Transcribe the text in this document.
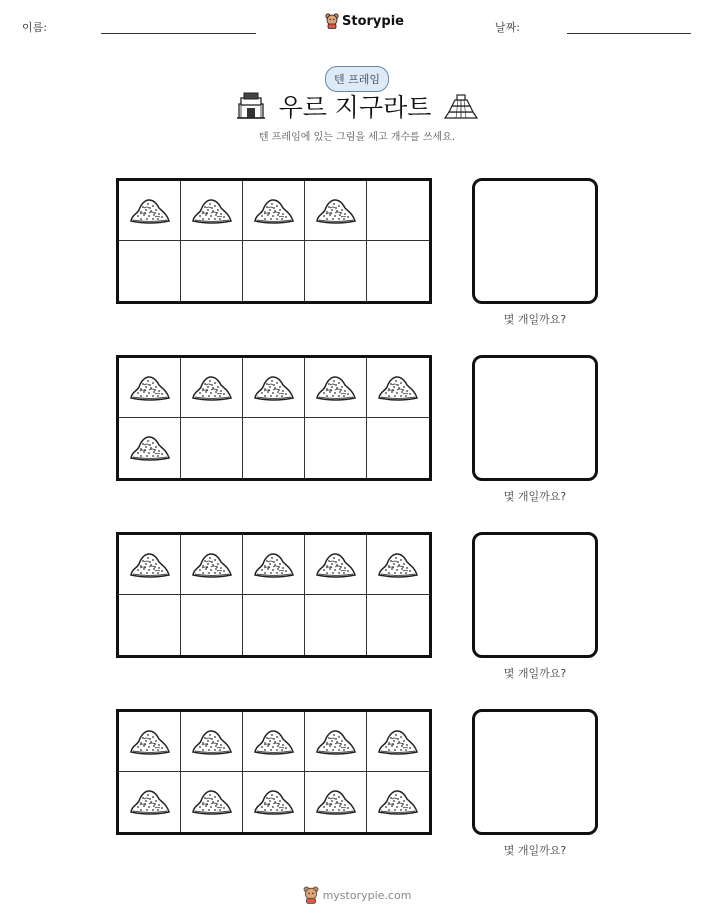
이름:	Storypie	날짜:
텐 프레임
우르 지구라트
텐 프레임에 있는 그림을 세고 개수를 쓰세요.
몇 개일까요?
몇 개일까요?
몇 개일까요?
몇 개일까요?
mystorypie.com
